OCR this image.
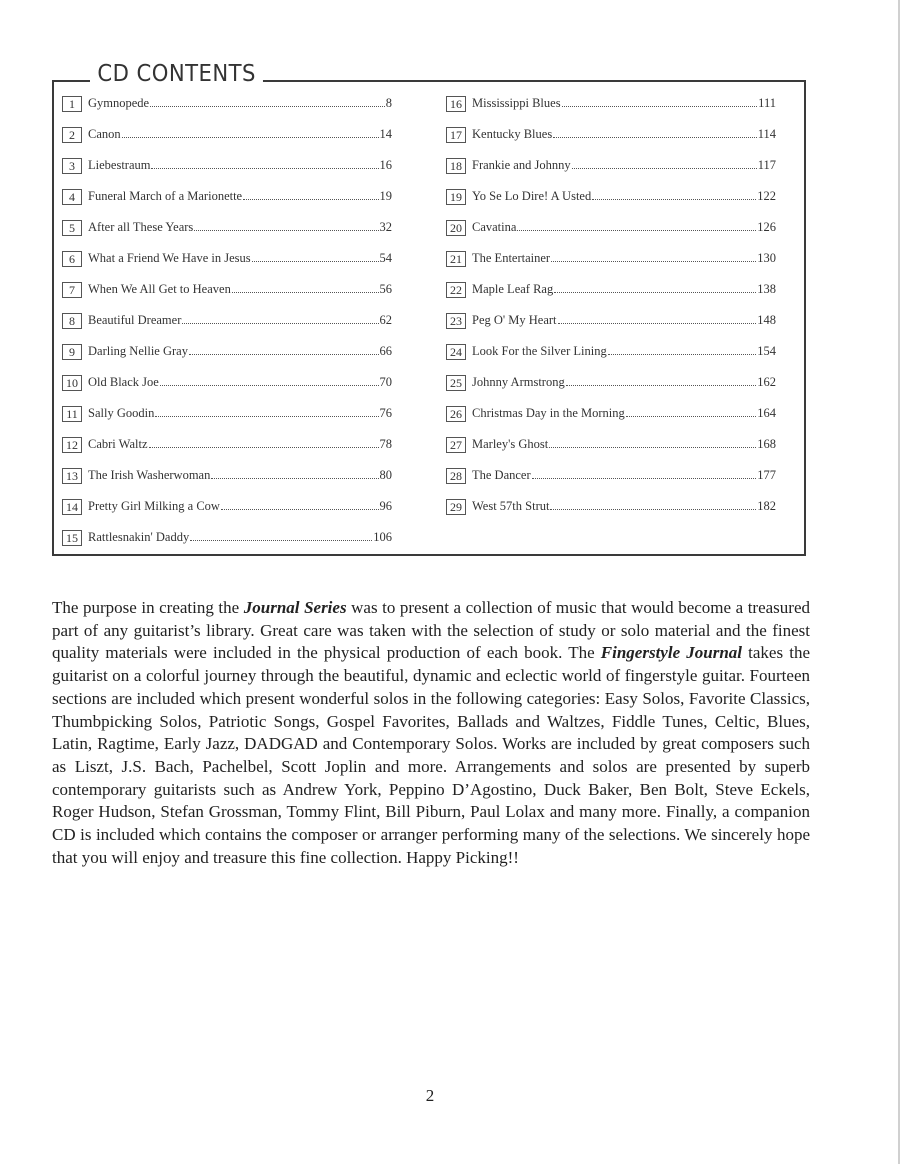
CD CONTENTS
1	Gymnopede	8
2	Canon	14
3	Liebestraum	16
4	Funeral March of a Marionette	19
5	After all These Years	32
6	What a Friend We Have in Jesus	54
7	When We All Get to Heaven	56
8	Beautiful Dreamer	62
9	Darling Nellie Gray	66
10 Old Black Joe	70
11 Sally Goodin	76
12 Cabri Waltz	78
13 The Irish Washerwoman	80
14 Pretty Girl Milking a Cow	96
15 Rattlesnakin' Daddy	106
16 Mississippi Blues	111
17 Kentucky Blues	114
18 Frankie and Johnny	117
19 Yo Se Lo Dire! A Usted	122
20 Cavatina	126
21 The Entertainer	130
22 Maple Leaf Rag	138
23 Peg O' My Heart	148
24 Look For the Silver Lining	154
25 Johnny Armstrong	162
26 Christmas Day in the Morning	164
27 Marley's Ghost	168
28 The Dancer	177
29 West 57th Strut	182

The purpose in creating the Journal Series was to present a collection of music that would become a treasured part of any guitarist’s library. Great care was taken with the selection of study or solo material and the finest quality materials were included in the physical production of each book. The Fingerstyle Journal takes the guitarist on a colorful journey through the beautiful, dynamic and eclectic world of fingerstyle guitar. Fourteen sections are included which present wonderful solos in the following categories: Easy Solos, Favorite Classics, Thumbpicking Solos, Patriotic Songs, Gospel Favorites, Ballads and Waltzes, Fiddle Tunes, Celtic, Blues, Latin, Ragtime, Early Jazz, DADGAD and Contemporary Solos. Works are included by great composers such as Liszt, J.S. Bach, Pachelbel, Scott Joplin and more. Arrangements and solos are presented by superb contemporary guitarists such as Andrew York, Peppino D’Agostino, Duck Baker, Ben Bolt, Steve Eckels, Roger Hudson, Stefan Grossman, Tommy Flint, Bill Piburn, Paul Lolax and many more. Finally, a companion CD is included which contains the composer or arranger performing many of the selections. We sincerely hope that you will enjoy and treasure this fine collection. Happy Picking!!

2
